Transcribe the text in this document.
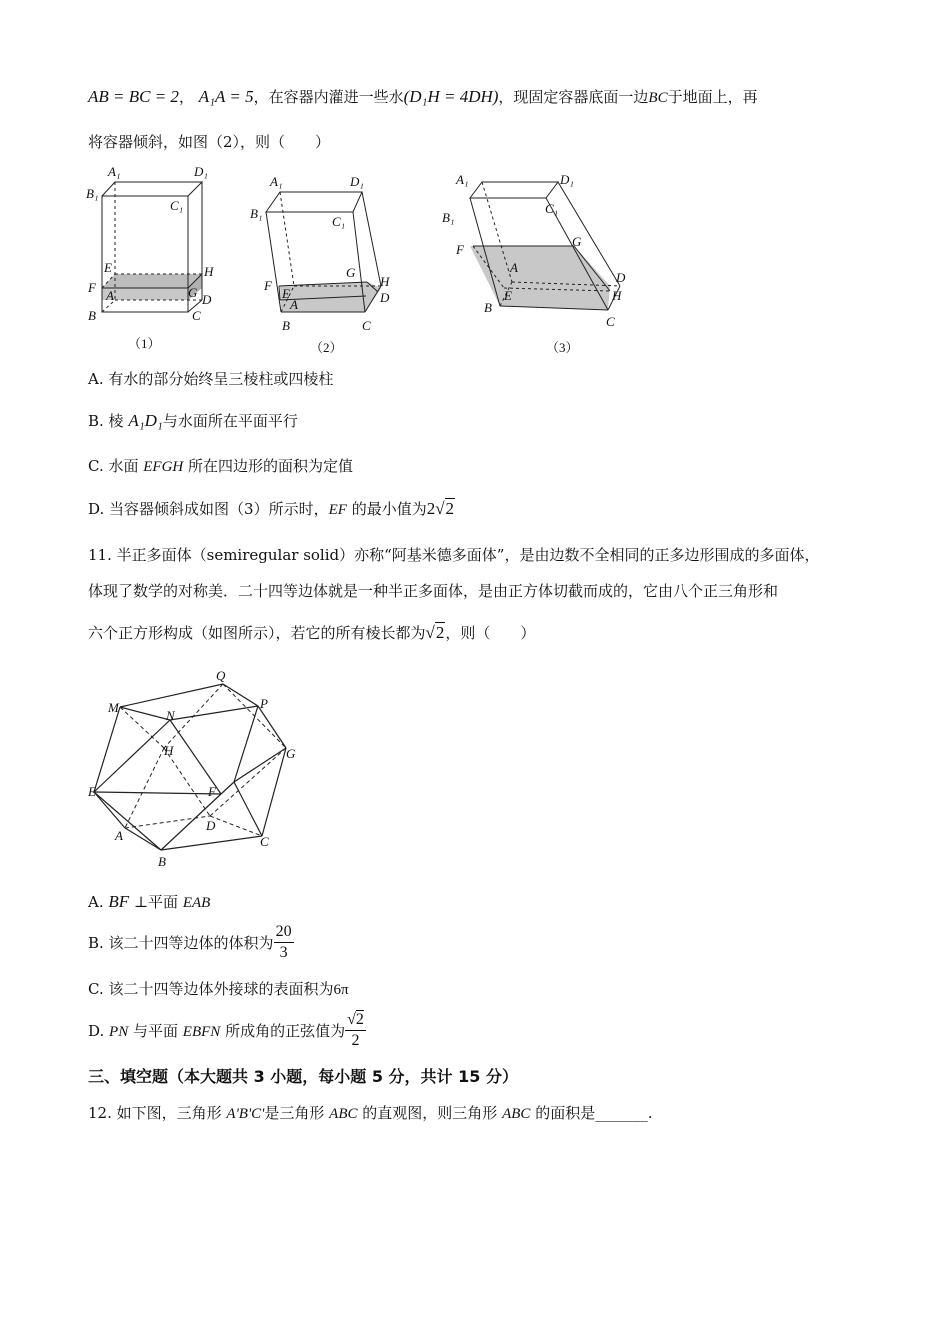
AB = BC = 2， A₁A = 5，在容器内灌进一些水(D₁H = 4DH)，现固定容器底面一边BC于地面上，再
将容器倾斜，如图（2），则（　　）
A₁	D₁
B₁
C₁
E	H
F
A	G D
B	C
（1）
A₁	D₁
B₁
C₁
G
H
F
E
A	D
B	C
（2）
A₁	D₁
B₁
C₁
F
G
A
D
E	H
B
C
（3）
A. 有水的部分始终呈三棱柱或四棱柱
B. 棱 A₁D₁与水面所在平面平行
C. 水面 EFGH 所在四边形的面积为定值
D. 当容器倾斜成如图（3）所示时，EF 的最小值为2√2
11. 半正多面体（semiregular solid）亦称“阿基米德多面体”，是由边数不全相同的正多边形围成的多面体，
体现了数学的对称美．二十四等边体就是一种半正多面体，是由正方体切截而成的，它由八个正三角形和
六个正方形构成（如图所示），若它的所有棱长都为√2，则（　　）
M
N
Q
P
G
H
E	F
D
A
B
C
A. BF ⊥平面 EAB
B. 该二十四等边体的体积为 $\frac{20}{3}$
C. 该二十四等边体外接球的表面积为6π
D. PN 与平面 EBFN 所成角的正弦值为 $\frac{√2}{2}$
三、填空题（本大题共 3 小题，每小题 5 分，共计 15 分）
12. 如下图，三角形 A'B'C'是三角形 ABC 的直观图，则三角形 ABC 的面积是_______.
